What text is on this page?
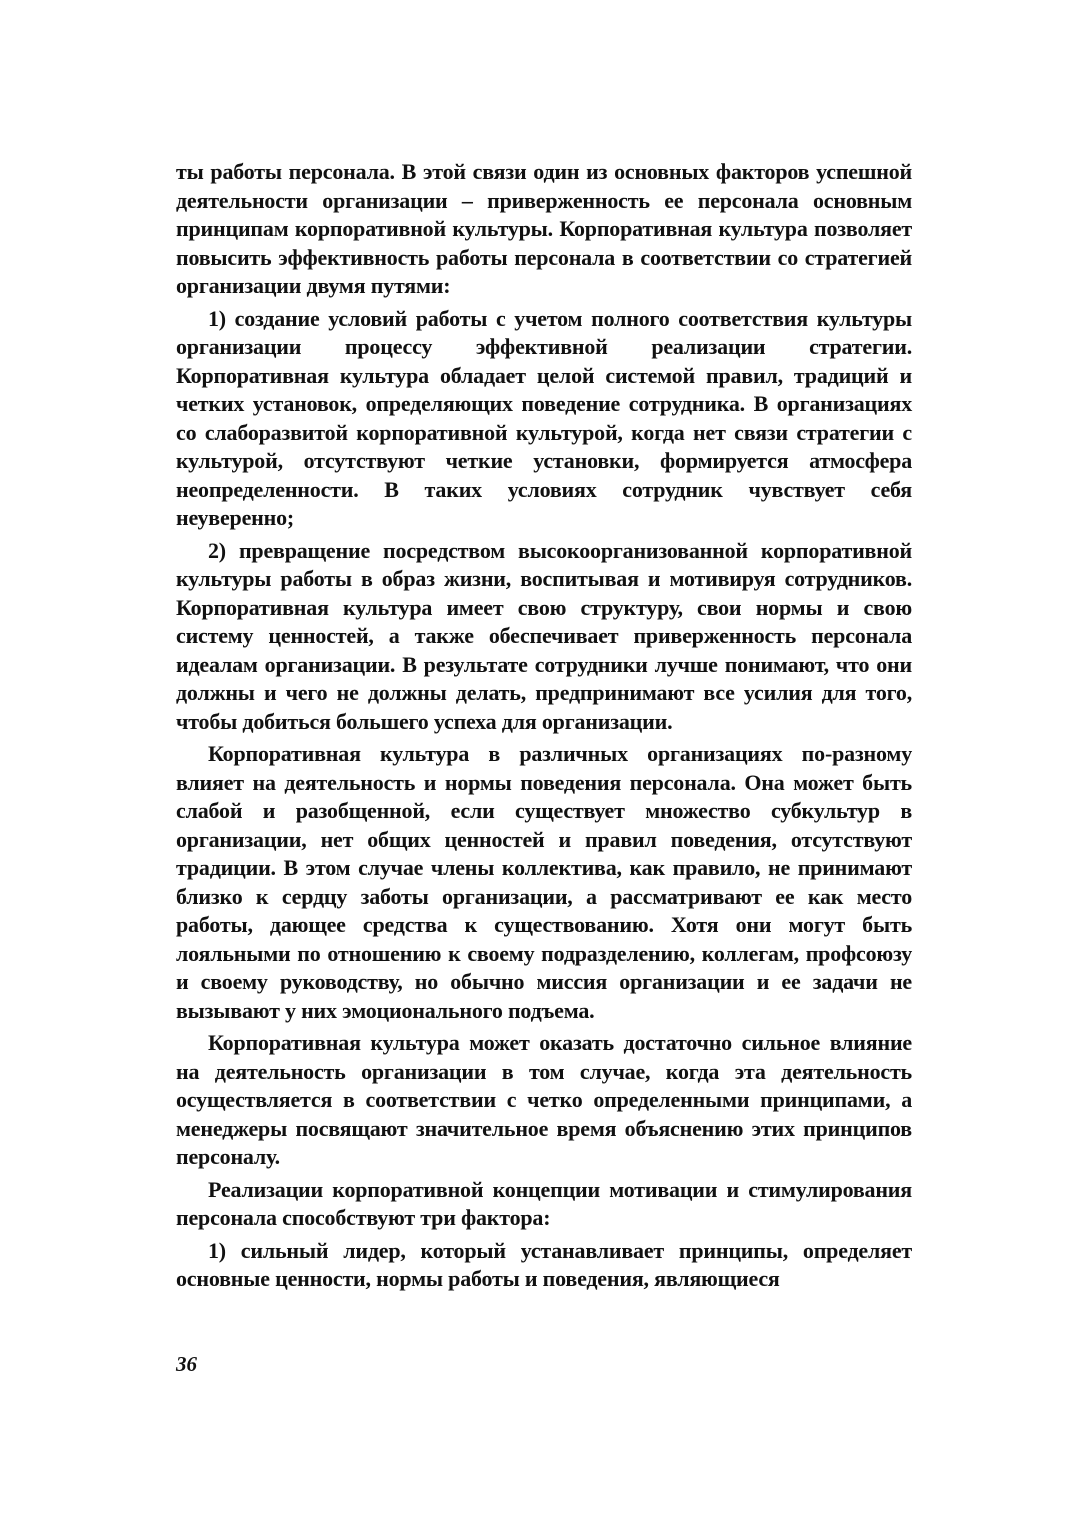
ты работы персонала. В этой связи один из основных факторов успешной деятельности организации – приверженность ее персонала основным принципам корпоративной культуры. Корпоративная культура позволяет повысить эффективность работы персонала в соответствии со стратегией организации двумя путями:

1) создание условий работы с учетом полного соответствия культуры организации процессу эффективной реализации стратегии. Корпоративная культура обладает целой системой правил, традиций и четких установок, определяющих поведение сотрудника. В организациях со слаборазвитой корпоративной культурой, когда нет связи стратегии с культурой, отсутствуют четкие установки, формируется атмосфера неопределенности. В таких условиях сотрудник чувствует себя неуверенно;

2) превращение посредством высокоорганизованной корпоративной культуры работы в образ жизни, воспитывая и мотивируя сотрудников. Корпоративная культура имеет свою структуру, свои нормы и свою систему ценностей, а также обеспечивает приверженность персонала идеалам организации. В результате сотрудники лучше понимают, что они должны и чего не должны делать, предпринимают все усилия для того, чтобы добиться большего успеха для организации.

Корпоративная культура в различных организациях по-разному влияет на деятельность и нормы поведения персонала. Она может быть слабой и разобщенной, если существует множество субкультур в организации, нет общих ценностей и правил поведения, отсутствуют традиции. В этом случае члены коллектива, как правило, не принимают близко к сердцу заботы организации, а рассматривают ее как место работы, дающее средства к существованию. Хотя они могут быть лояльными по отношению к своему подразделению, коллегам, профсоюзу и своему руководству, но обычно миссия организации и ее задачи не вызывают у них эмоционального подъема.

Корпоративная культура может оказать достаточно сильное влияние на деятельность организации в том случае, когда эта деятельность осуществляется в соответствии с четко определенными принципами, а менеджеры посвящают значительное время объяснению этих принципов персоналу.

Реализации корпоративной концепции мотивации и стимулирования персонала способствуют три фактора:

1) сильный лидер, который устанавливает принципы, определяет основные ценности, нормы работы и поведения, являющиеся

36
